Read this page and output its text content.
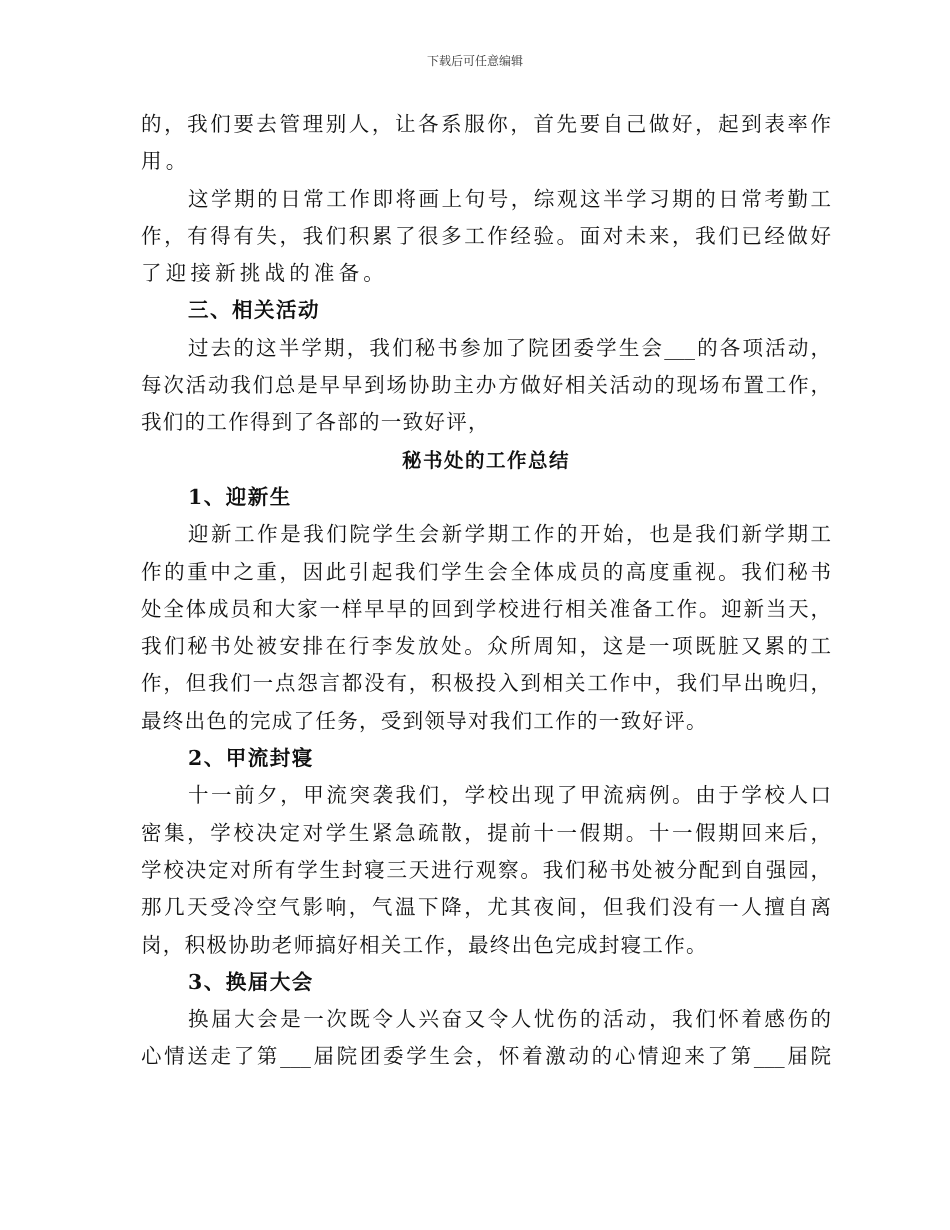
下载后可任意编辑
的，我们要去管理别人，让各系服你，首先要自己做好，起到表率作
用。
这学期的日常工作即将画上句号，综观这半学习期的日常考勤工
作，有得有失，我们积累了很多工作经验。面对未来，我们已经做好
了迎接新挑战的准备。
三、相关活动
过去的这半学期，我们秘书参加了院团委学生会___的各项活动，
每次活动我们总是早早到场协助主办方做好相关活动的现场布置工作，
我们的工作得到了各部的一致好评，
秘书处的工作总结
1、迎新生
迎新工作是我们院学生会新学期工作的开始，也是我们新学期工
作的重中之重，因此引起我们学生会全体成员的高度重视。我们秘书
处全体成员和大家一样早早的回到学校进行相关准备工作。迎新当天，
我们秘书处被安排在行李发放处。众所周知，这是一项既脏又累的工
作，但我们一点怨言都没有，积极投入到相关工作中，我们早出晚归，
最终出色的完成了任务，受到领导对我们工作的一致好评。
2、甲流封寝
十一前夕，甲流突袭我们，学校出现了甲流病例。由于学校人口
密集，学校决定对学生紧急疏散，提前十一假期。十一假期回来后，
学校决定对所有学生封寝三天进行观察。我们秘书处被分配到自强园，
那几天受冷空气影响，气温下降，尤其夜间，但我们没有一人擅自离
岗，积极协助老师搞好相关工作，最终出色完成封寝工作。
3、换届大会
换届大会是一次既令人兴奋又令人忧伤的活动，我们怀着感伤的
心情送走了第___届院团委学生会，怀着激动的心情迎来了第___届院
